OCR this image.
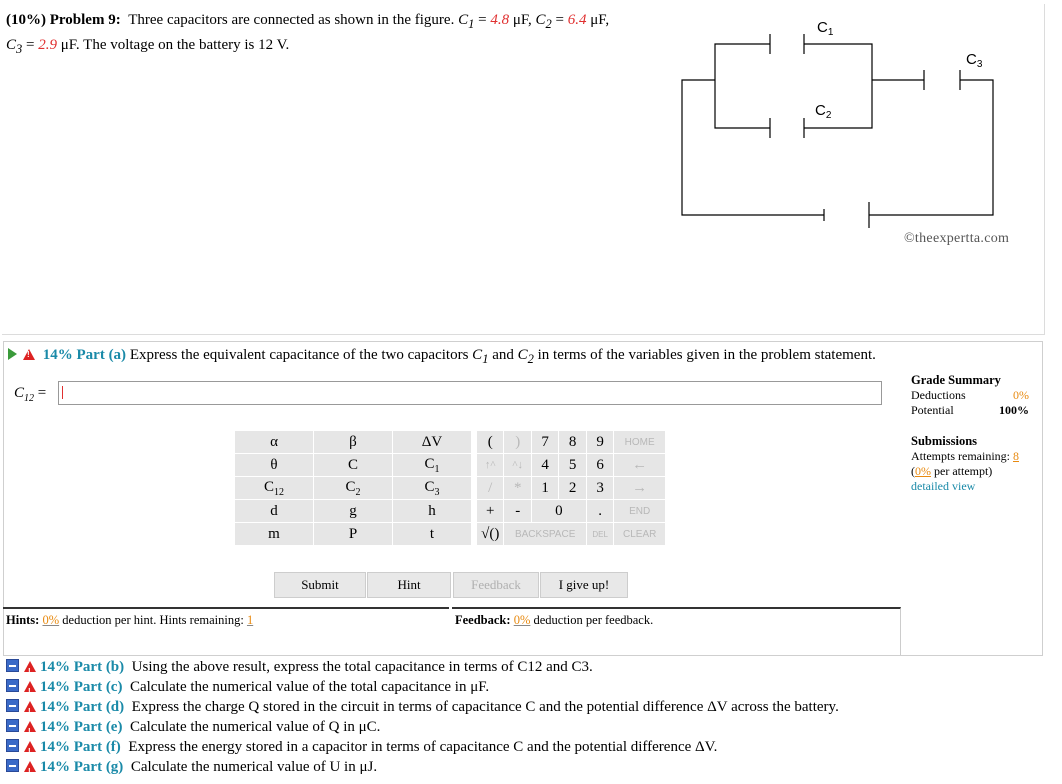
(10%) Problem 9: Three capacitors are connected as shown in the figure. $C_1 = 4.8$ μF, $C_2 = 6.4$ μF,
$C_3 = 2.9$ μF. The voltage on the battery is 12 V.
$C_1$
$C_2$
$C_3$
©theexpertta.com
! 14% Part (a) Express the equivalent capacitance of the two capacitors $C_1$ and $C_2$ in terms of the variables given in the problem statement.
$C_{12}$ =
Grade Summary
Deductions	0%
Potential	100%
Submissions
Attempts remaining: 8
(0% per attempt)
detailed view
α	β	ΔV
θ	C	$C_1$
$C_{12}$	$C_2$	$C_3$
d	g	h
m	P	t
(	)	7	8	9	HOME
↑^	^↓	4	5	6	←
/	*	1	2	3	→
+	-	0		.	END
√()	BACKSPACE			DEL	CLEAR
Submit	Hint	Feedback	I give up!
Hints: 0% deduction per hint. Hints remaining: 1	Feedback: 0% deduction per feedback.
!14% Part (b) Using the above result, express the total capacitance in terms of C12 and C3.
!14% Part (c) Calculate the numerical value of the total capacitance in μF.
!14% Part (d) Express the charge Q stored in the circuit in terms of capacitance C and the potential difference ΔV across the battery.
!14% Part (e) Calculate the numerical value of Q in μC.
!14% Part (f) Express the energy stored in a capacitor in terms of capacitance C and the potential difference ΔV.
!14% Part (g) Calculate the numerical value of U in μJ.
